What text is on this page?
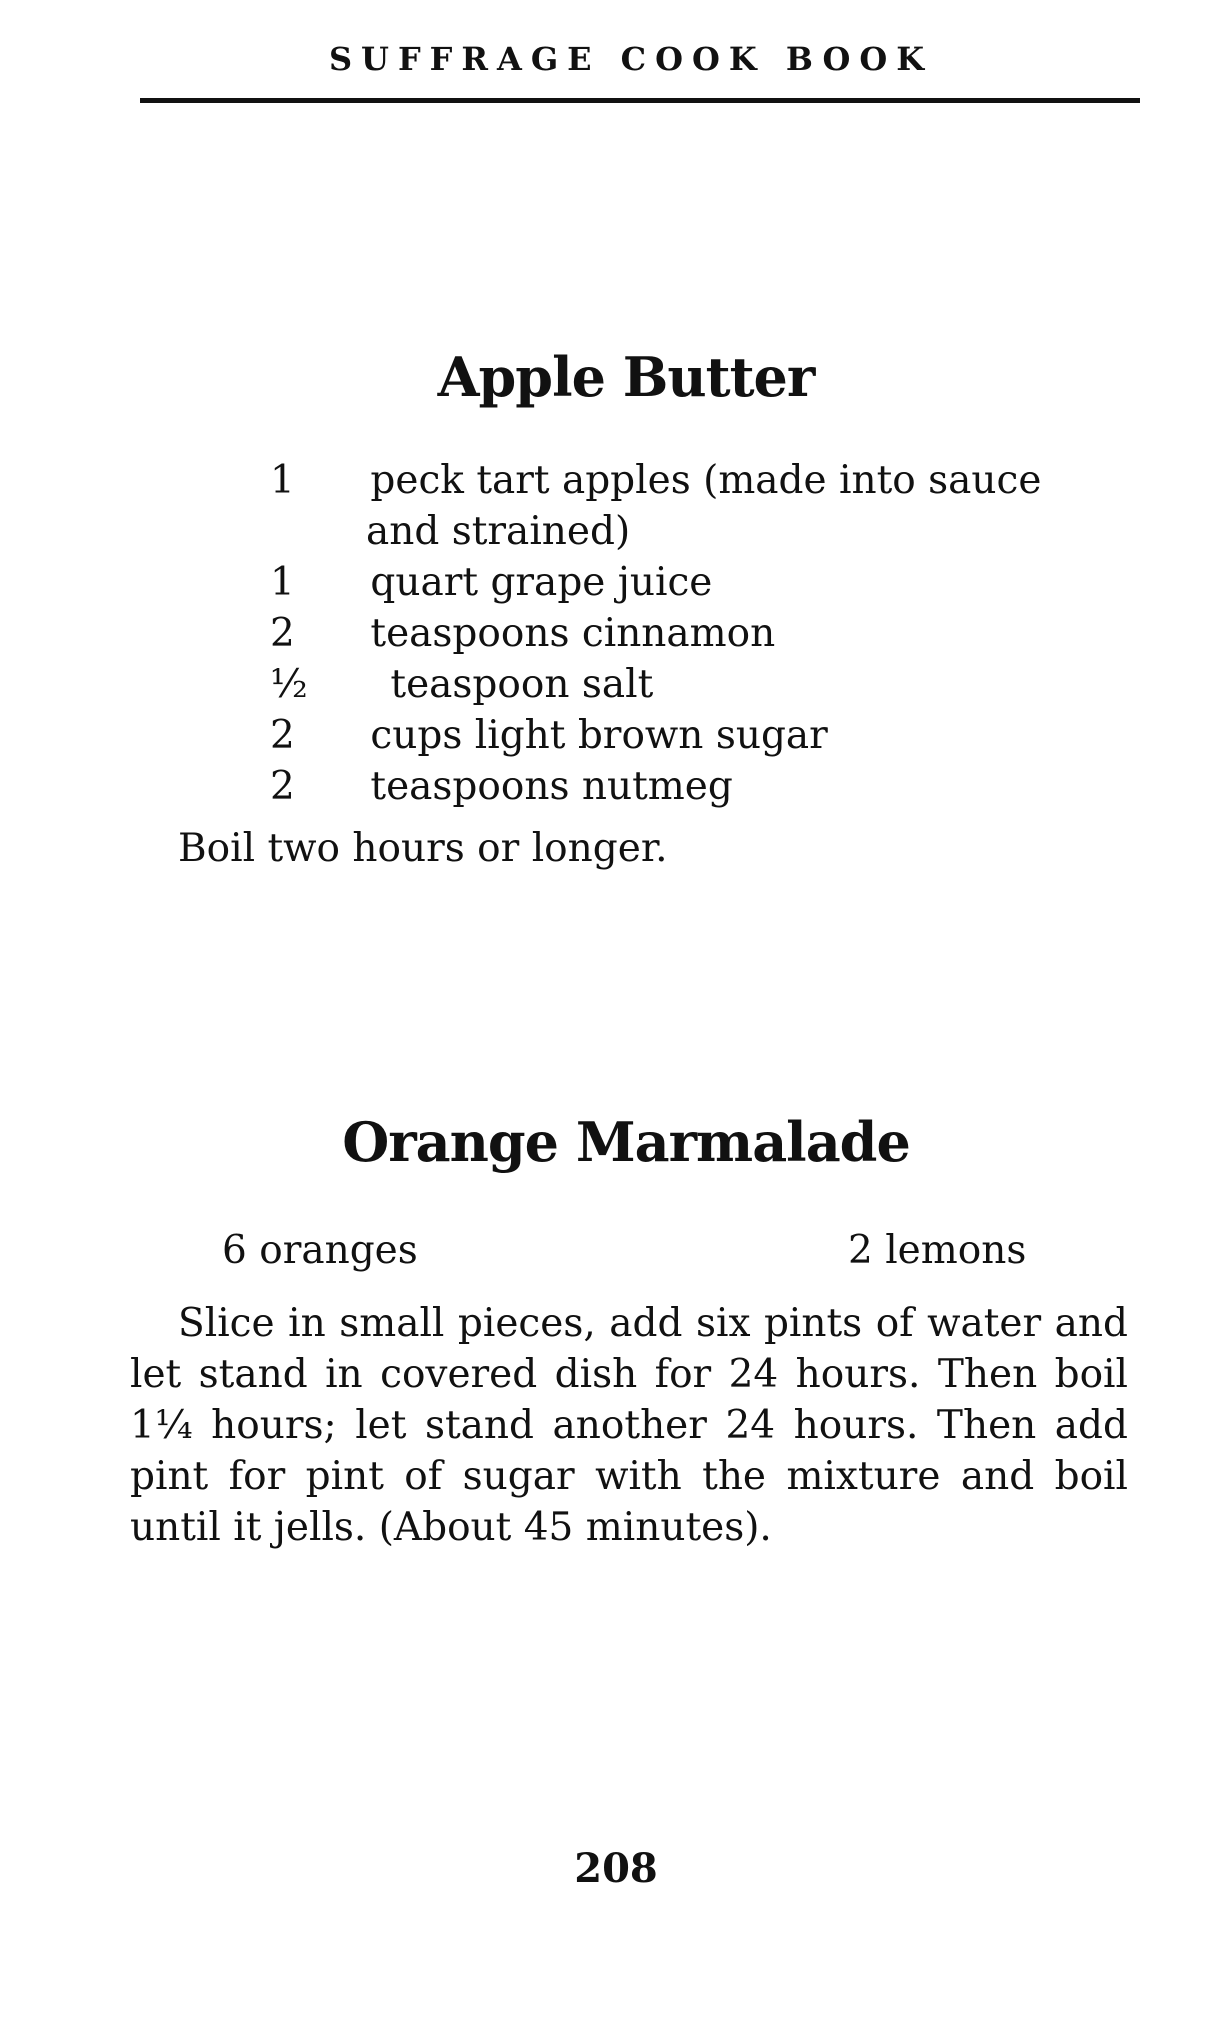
SUFFRAGE COOK BOOK
Apple Butter
1 peck tart apples (made into sauce
and strained)
1 quart grape juice
2 teaspoons cinnamon
½ teaspoon salt
2 cups light brown sugar
2 teaspoons nutmeg
Boil two hours or longer.
Orange Marmalade
6 oranges	2 lemons
Slice in small pieces, add six pints of water and let stand in covered dish for 24 hours. Then boil 1¼ hours; let stand another 24 hours. Then add pint for pint of sugar with the mixture and boil until it jells. (About 45 minutes).
208
